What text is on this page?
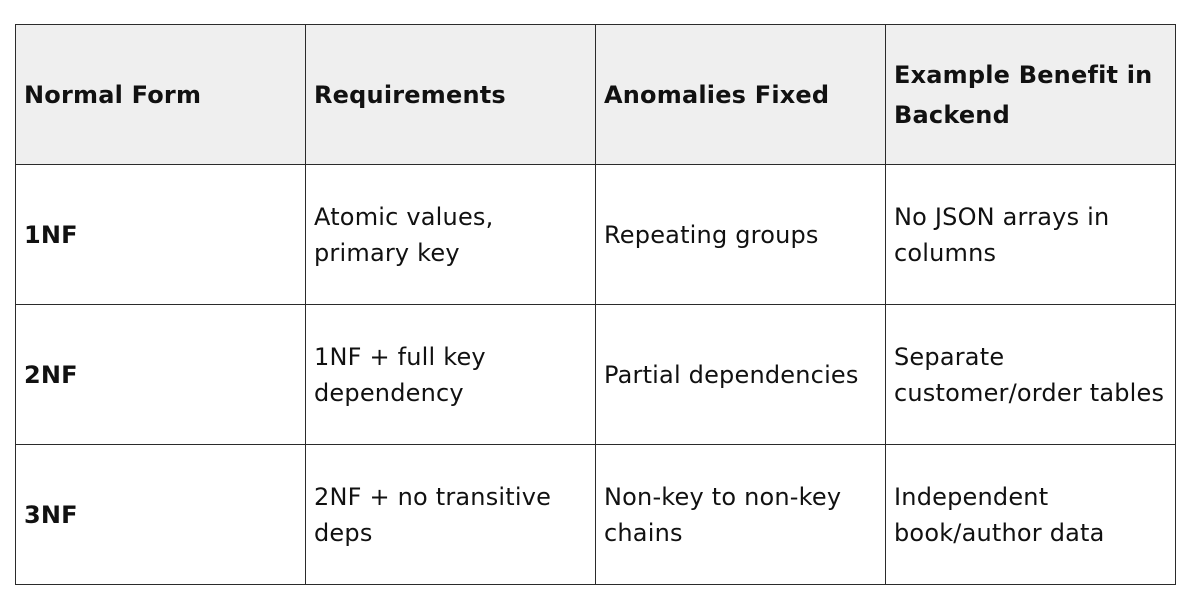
Normal Form	Requirements	Anomalies Fixed	Example Benefit in Backend
1NF	Atomic values, primary key	Repeating groups	No JSON arrays in columns
2NF	1NF + full key dependency	Partial dependencies	Separate customer/order tables
3NF	2NF + no transitive deps	Non-key to non-key chains	Independent book/author data
